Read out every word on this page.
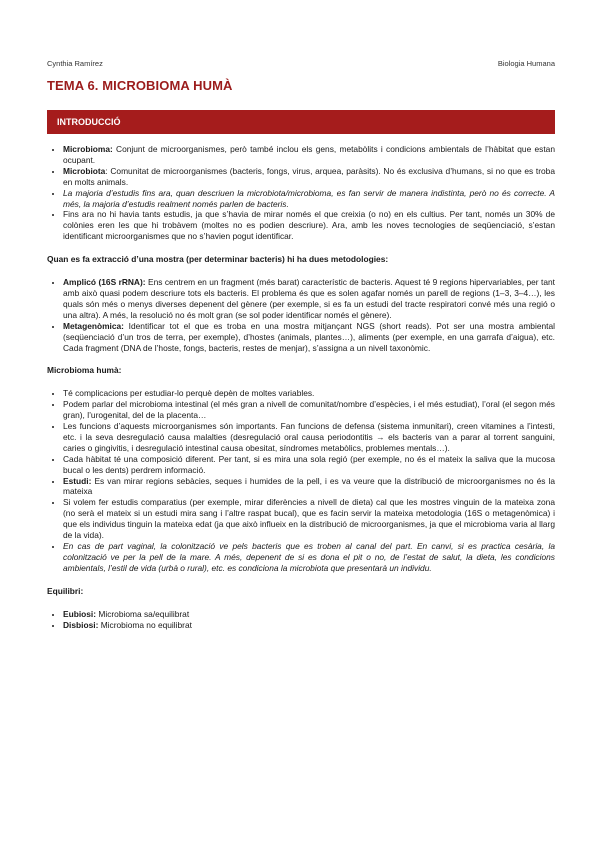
Cynthia Ramírez	Biologia Humana
TEMA 6. MICROBIOMA HUMÀ
INTRODUCCIÓ
• Microbioma: Conjunt de microorganismes, però també inclou els gens, metabòlits i condicions ambientals de l’hàbitat que estan ocupant.
• Microbiota: Comunitat de microorganismes (bacteris, fongs, virus, arquea, paràsits). No és exclusiva d’humans, si no que es troba en molts animals.
• La majoria d’estudis fins ara, quan descriuen la microbiota/microbioma, es fan servir de manera indistinta, però no és correcte. A més, la majoria d’estudis realment només parlen de bacteris.
• Fins ara no hi havia tants estudis, ja que s’havia de mirar només el que creixia (o no) en els cultius. Per tant, només un 30% de colònies eren les que hi trobàvem (moltes no es podien descriure). Ara, amb les noves tecnologies de seqüenciació, s’estan identificant microorganismes que no s’havien pogut identificar.
Quan es fa extracció d’una mostra (per determinar bacteris) hi ha dues metodologies:
• Amplicó (16S rRNA): Ens centrem en un fragment (més barat) característic de bacteris. Aquest té 9 regions hipervariables, per tant amb això quasi podem descriure tots els bacteris. El problema és que es solen agafar només un parell de regions (1–3, 3–4…), les quals són més o menys diverses depenent del gènere (per exemple, si es fa un estudi del tracte respiratori convé més una regió o una altra). A més, la resolució no és molt gran (se sol poder identificar només el gènere).
• Metagenòmica: Identificar tot el que es troba en una mostra mitjançant NGS (short reads). Pot ser una mostra ambiental (seqüenciació d’un tros de terra, per exemple), d’hostes (animals, plantes…), aliments (per exemple, en una garrafa d’aigua), etc. Cada fragment (DNA de l’hoste, fongs, bacteris, restes de menjar), s’assigna a un nivell taxonòmic.
Microbioma humà:
• Té complicacions per estudiar-lo perquè depèn de moltes variables.
• Podem parlar del microbioma intestinal (el més gran a nivell de comunitat/nombre d’espècies, i el més estudiat), l’oral (el segon més gran), l’urogenital, del de la placenta…
• Les funcions d’aquests microorganismes són importants. Fan funcions de defensa (sistema inmunitari), creen vitamines a l’intesti, etc. i la seva desregulació causa malalties (desregulació oral causa periodontitis → els bacteris van a parar al torrent sanguini, caries o gingivitis, i desregulació intestinal causa obesitat, síndromes metabòlics, problemes mentals…).
• Cada hàbitat té una composició diferent. Per tant, si es mira una sola regió (per exemple, no és el mateix la saliva que la mucosa bucal o les dents) perdrem informació.
• Estudi: Es van mirar regions sebàcies, seques i humides de la pell, i es va veure que la distribució de microorganismes no és la mateixa
• Si volem fer estudis comparatius (per exemple, mirar diferències a nivell de dieta) cal que les mostres vinguin de la mateixa zona (no serà el mateix si un estudi mira sang i l’altre raspat bucal), que es facin servir la mateixa metodologia (16S o metagenòmica) i que els individus tinguin la mateixa edat (ja que això influeix en la distribució de microorganismes, ja que el microbioma varia al llarg de la vida).
• En cas de part vaginal, la colonització ve pels bacteris que es troben al canal del part. En canvi, si es practica cesària, la colonització ve per la pell de la mare. A més, depenent de si es dona el pit o no, de l’estat de salut, la dieta, les condicions ambientals, l’estil de vida (urbà o rural), etc. es condiciona la microbiota que presentarà un individu.
Equilibri:
• Eubiosi: Microbioma sa/equilibrat
• Disbiosi: Microbioma no equilibrat
